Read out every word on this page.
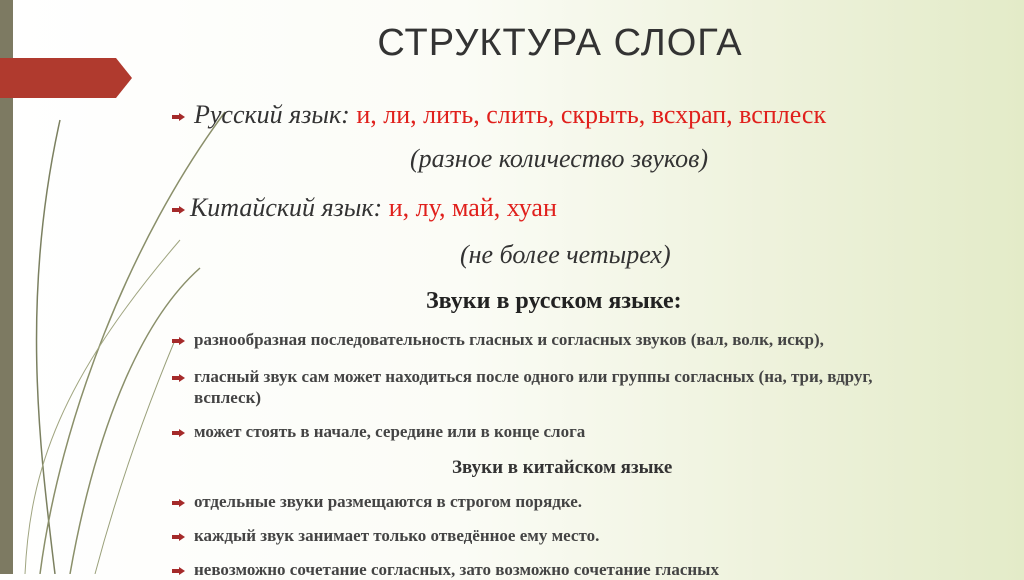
СТРУКТУРА СЛОГА
Русский язык: и, ли, лить, слить, скрыть, всхрап, всплеск
(разное количество звуков)
Китайский язык: и, лу, май, хуан
(не более четырех)
Звуки в русском языке:
разнообразная последовательность гласных и согласных звуков (вал, волк, искр),
гласный звук сам может находиться после одного или группы согласных (на, три, вдруг,
всплеск)
может стоять в начале, середине или в конце слога
Звуки в китайском языке
отдельные звуки размещаются в строгом порядке.
каждый звук занимает только отведённое ему место.
невозможно сочетание согласных, зато возможно сочетание гласных
